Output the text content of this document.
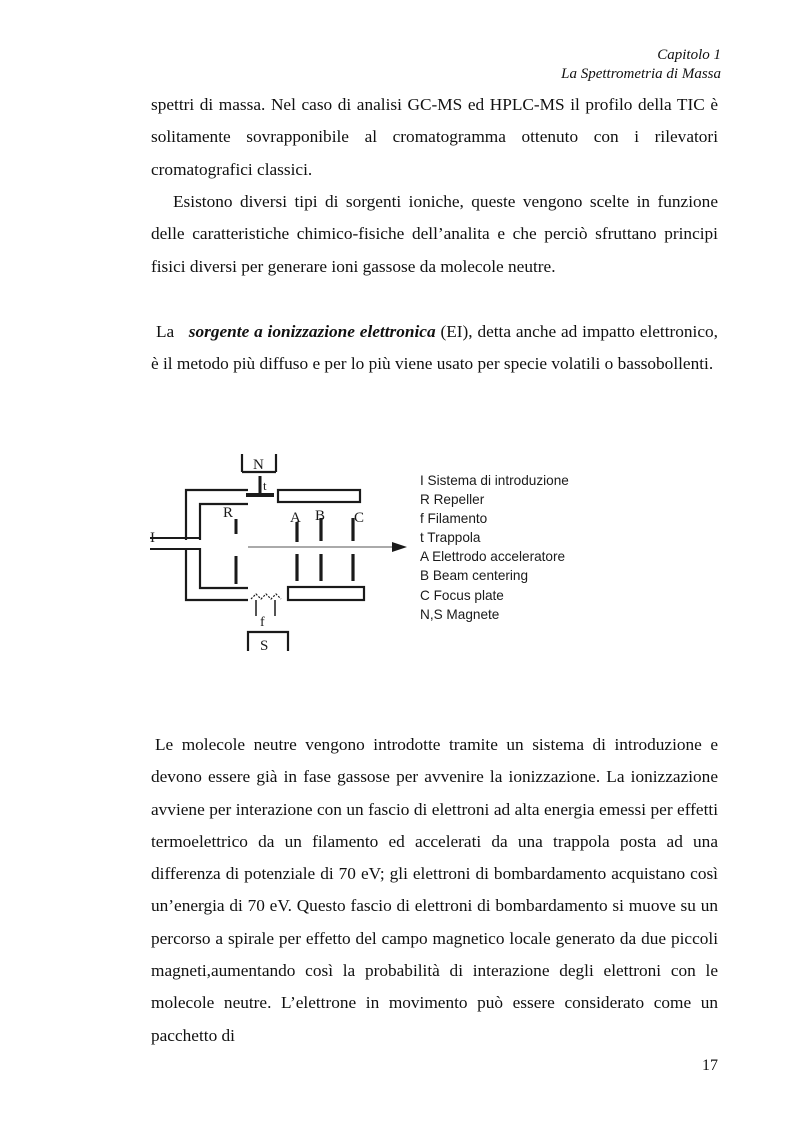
Capitolo 1
La Spettrometria di Massa

spettri di massa. Nel caso di analisi GC-MS ed HPLC-MS il profilo della TIC è solitamente sovrapponibile al cromatogramma ottenuto con i rilevatori cromatografici classici.

Esistono diversi tipi di sorgenti ioniche, queste vengono scelte in funzione delle caratteristiche chimico-fisiche dell’analita e che perciò sfruttano principi fisici diversi per generare ioni gassose da molecole neutre.

La sorgente a ionizzazione elettronica (EI), detta anche ad impatto elettronico, è il metodo più diffuso e per lo più viene usato per specie volatili o bassobollenti.

N
t
I
R	A B C
f
S
I Sistema di introduzione
R Repeller
f Filamento
t Trappola
A Elettrodo acceleratore
B Beam centering
C Focus plate
N,S Magnete

Le molecole neutre vengono introdotte tramite un sistema di introduzione e devono essere già in fase gassose per avvenire la ionizzazione. La ionizzazione avviene per interazione con un fascio di elettroni ad alta energia emessi per effetti termoelettrico da un filamento ed accelerati da una trappola posta ad una differenza di potenziale di 70 eV; gli elettroni di bombardamento acquistano così un’energia di 70 eV. Questo fascio di elettroni di bombardamento si muove su un percorso a spirale per effetto del campo magnetico locale generato da due piccoli magneti,aumentando così la probabilità di interazione degli elettroni con le molecole neutre. L’elettrone in movimento può essere considerato come un pacchetto di

17
